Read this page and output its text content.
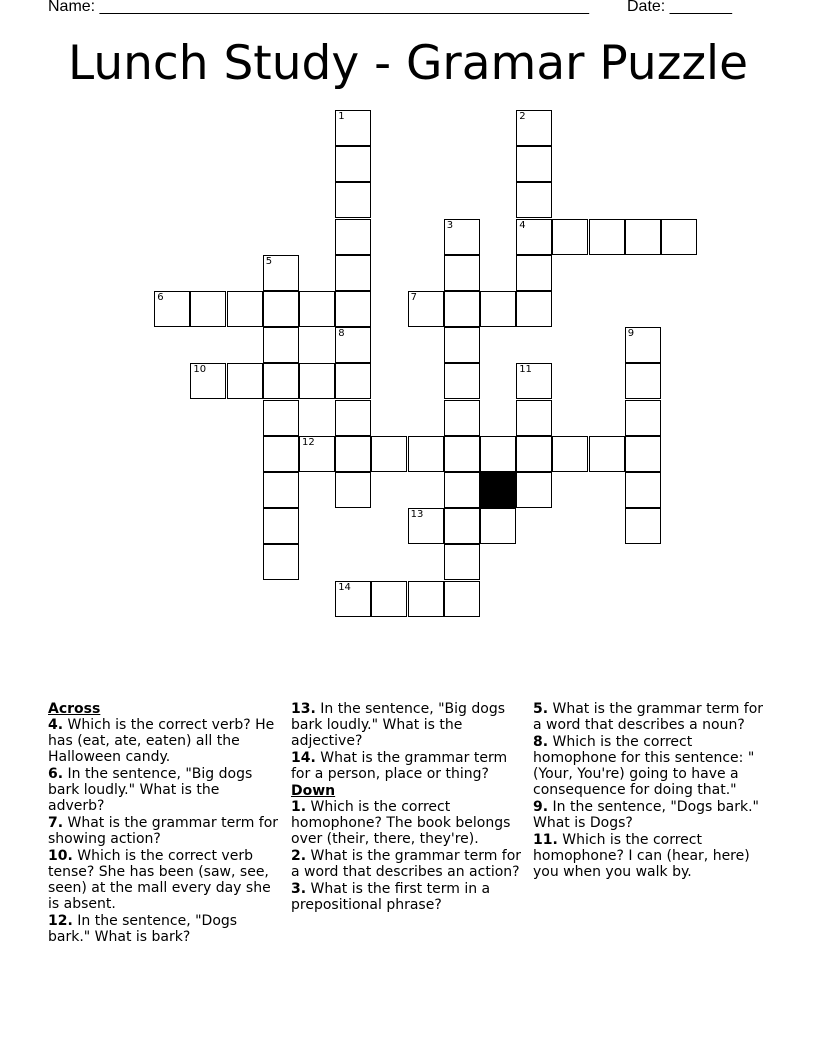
Name: _______________________________________________________ Date: _______
Lunch Study - Gramar Puzzle
1	2
3	4
5
6	7
8	9
10	11
12
13
14
Across
4. Which is the correct verb? He has (eat, ate, eaten) all the Halloween candy.
6. In the sentence, "Big dogs bark loudly." What is the adverb?
7. What is the grammar term for showing action?
10. Which is the correct verb tense? She has been (saw, see, seen) at the mall every day she is absent.
12. In the sentence, "Dogs bark." What is bark?
13. In the sentence, "Big dogs bark loudly." What is the adjective?
14. What is the grammar term for a person, place or thing?
Down
1. Which is the correct homophone? The book belongs over (their, there, they're).
2. What is the grammar term for a word that describes an action?
3. What is the first term in a prepositional phrase?
5. What is the grammar term for a word that describes a noun?
8. Which is the correct homophone for this sentence: "(Your, You're) going to have a consequence for doing that."
9. In the sentence, "Dogs bark." What is Dogs?
11. Which is the correct homophone? I can (hear, here) you when you walk by.
